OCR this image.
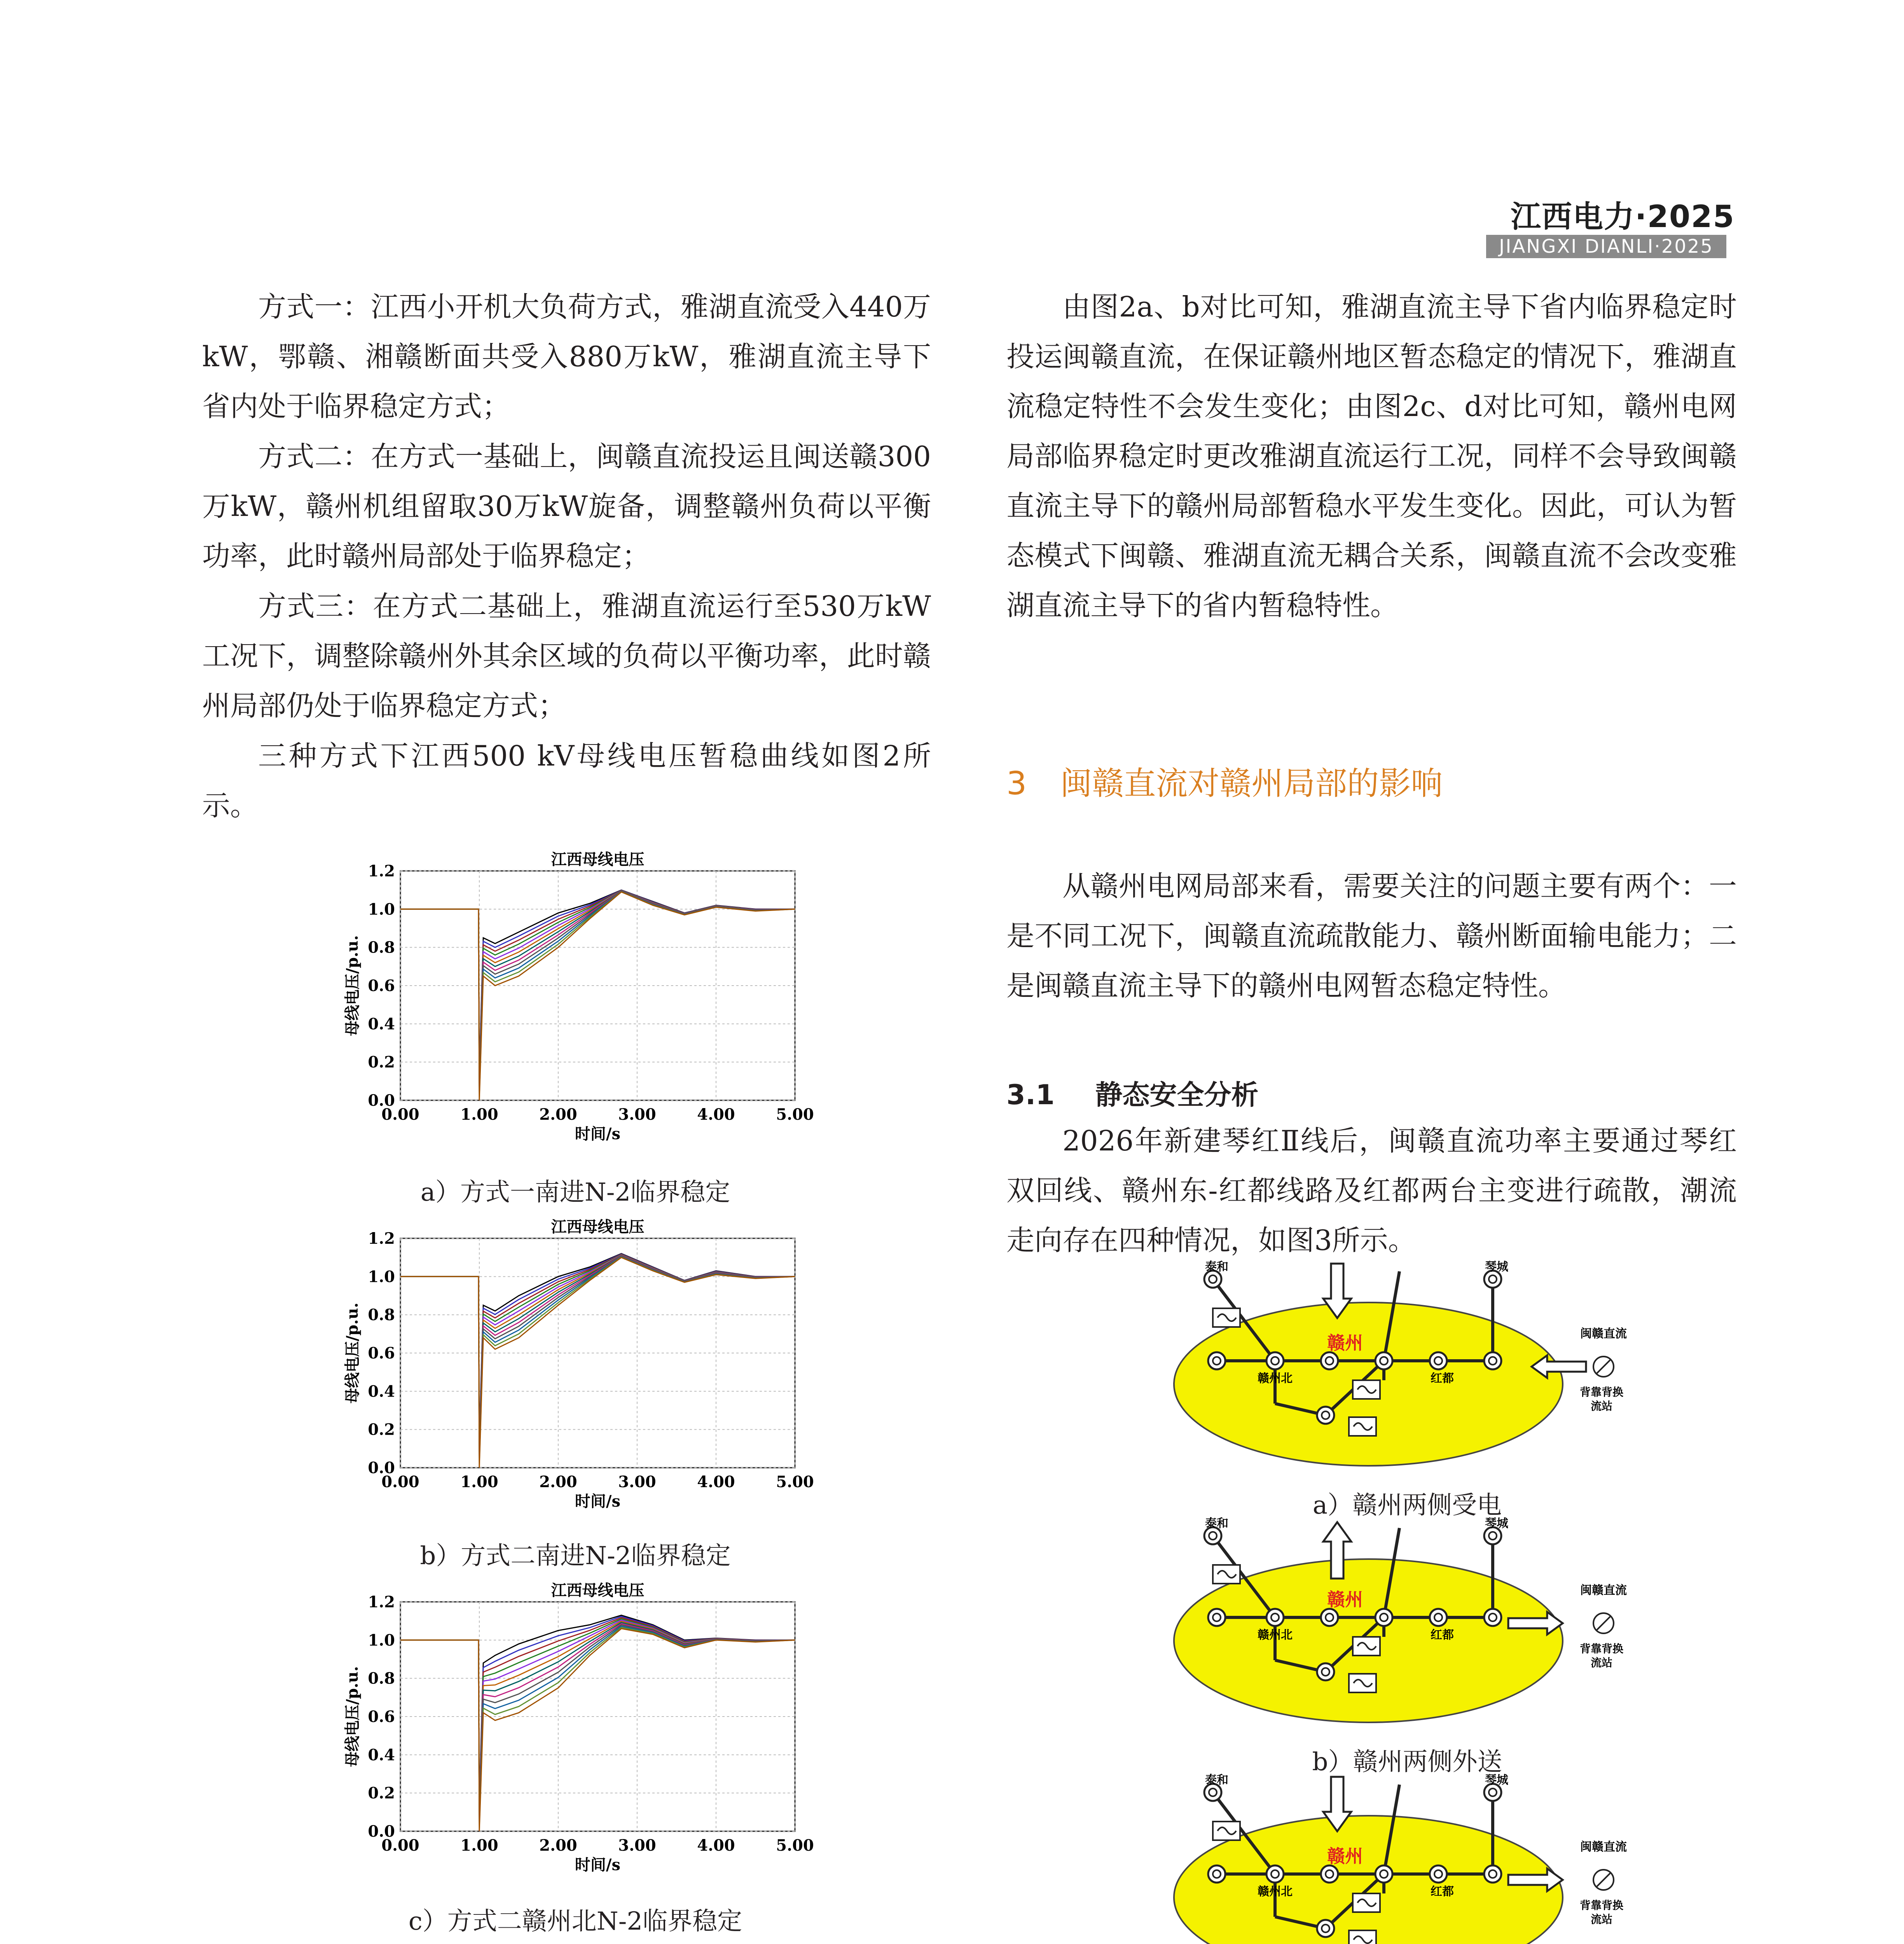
江西电力·2025
JIANGXI DIANLI·2025
方式一：江西小开机大负荷方式，雅湖直流受入440万kW，鄂赣、湘赣断面共受入880万kW，雅湖直流主导下省内处于临界稳定方式；
方式二：在方式一基础上，闽赣直流投运且闽送赣300万kW，赣州机组留取30万kW旋备，调整赣州负荷以平衡功率，此时赣州局部处于临界稳定；
方式三：在方式二基础上，雅湖直流运行至530万kW工况下，调整除赣州外其余区域的负荷以平衡功率，此时赣州局部仍处于临界稳定方式；
三种方式下江西500 kV母线电压暂稳曲线如图2所示。
0.00	1.00	2.00	3.00	4.00	5.00
0.0
0.2
0.4
0.6
0.8
1.0
1.2
江西母线电压
时间/s
母线电压/p.u.
a）方式一南进N-2临界稳定
0.00	1.00	2.00	3.00	4.00	5.00
0.0
0.2
0.4
0.6
0.8
1.0
1.2
江西母线电压
时间/s
母线电压/p.u.
b）方式二南进N-2临界稳定
0.00	1.00	2.00	3.00	4.00	5.00
0.0
0.2
0.4
0.6
0.8
1.0
1.2
江西母线电压
时间/s
母线电压/p.u.
c）方式二赣州北N-2临界稳定
由图2a、b对比可知，雅湖直流主导下省内临界稳定时投运闽赣直流，在保证赣州地区暂态稳定的情况下，雅湖直流稳定特性不会发生变化；由图2c、d对比可知，赣州电网局部临界稳定时更改雅湖直流运行工况，同样不会导致闽赣直流主导下的赣州局部暂稳水平发生变化。因此，可认为暂态模式下闽赣、雅湖直流无耦合关系，闽赣直流不会改变雅湖直流主导下的省内暂稳特性。
3 闽赣直流对赣州局部的影响
从赣州电网局部来看，需要关注的问题主要有两个：一是不同工况下，闽赣直流疏散能力、赣州断面输电能力；二是闽赣直流主导下的赣州电网暂态稳定特性。
3.1 静态安全分析
2026年新建琴红Ⅱ线后，闽赣直流功率主要通过琴红双回线、赣州东-红都线路及红都两台主变进行疏散，潮流走向存在四种情况，如图3所示。
泰和	琴城
赣州
赣州北	红都
闽赣直流
背靠背换
流站
a）赣州两侧受电
泰和	琴城
赣州
赣州北	红都
闽赣直流
背靠背换
流站
b）赣州两侧外送
泰和	琴城
赣州
赣州北	红都
闽赣直流
背靠背换
流站
